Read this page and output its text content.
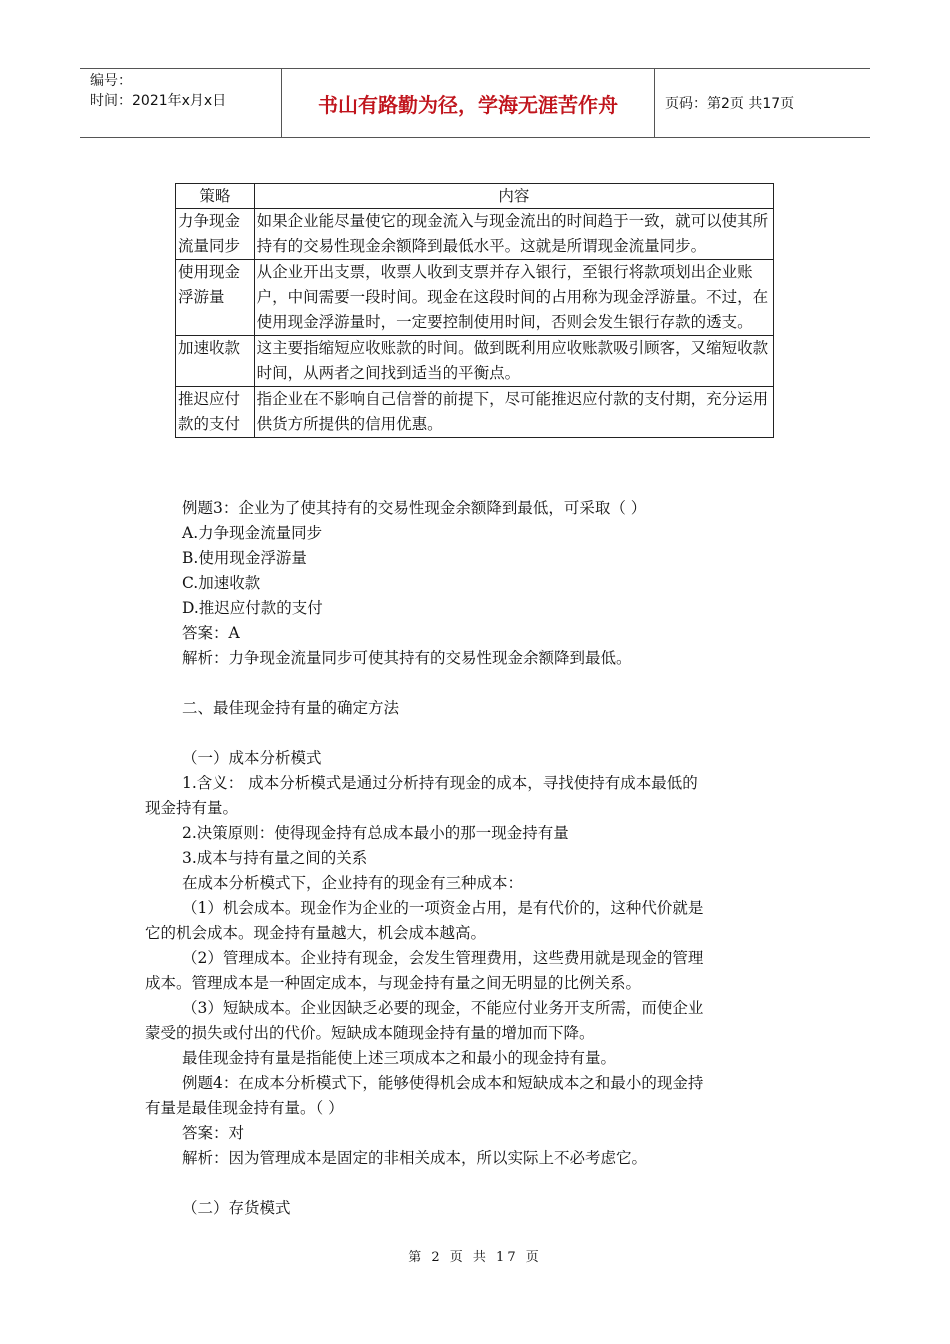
编号：
时间：2021年x月x日	书山有路勤为径，学海无涯苦作舟	页码：第2页 共17页
策略	内容
力争现金流量同步	如果企业能尽量使它的现金流入与现金流出的时间趋于一致，就可以使其所持有的交易性现金余额降到最低水平。这就是所谓现金流量同步。
使用现金浮游量	从企业开出支票，收票人收到支票并存入银行，至银行将款项划出企业账户，中间需要一段时间。现金在这段时间的占用称为现金浮游量。不过，在使用现金浮游量时，一定要控制使用时间，否则会发生银行存款的透支。
加速收款	这主要指缩短应收账款的时间。做到既利用应收账款吸引顾客，又缩短收款时间，从两者之间找到适当的平衡点。
推迟应付款的支付	指企业在不影响自己信誉的前提下，尽可能推迟应付款的支付期，充分运用供货方所提供的信用优惠。

例题3：企业为了使其持有的交易性现金余额降到最低，可采取（ ）

A.力争现金流量同步

B.使用现金浮游量

C.加速收款

D.推迟应付款的支付

答案：A

解析：力争现金流量同步可使其持有的交易性现金余额降到最低。

二、最佳现金持有量的确定方法

（一）成本分析模式

1.含义： 成本分析模式是通过分析持有现金的成本，寻找使持有成本最低的

现金持有量。

2.决策原则：使得现金持有总成本最小的那一现金持有量

3.成本与持有量之间的关系

在成本分析模式下，企业持有的现金有三种成本：

（1）机会成本。现金作为企业的一项资金占用，是有代价的，这种代价就是

它的机会成本。现金持有量越大，机会成本越高。

（2）管理成本。企业持有现金，会发生管理费用，这些费用就是现金的管理

成本。管理成本是一种固定成本，与现金持有量之间无明显的比例关系。

（3）短缺成本。企业因缺乏必要的现金，不能应付业务开支所需，而使企业

蒙受的损失或付出的代价。短缺成本随现金持有量的增加而下降。

最佳现金持有量是指能使上述三项成本之和最小的现金持有量。

例题4：在成本分析模式下，能够使得机会成本和短缺成本之和最小的现金持

有量是最佳现金持有量。（ ）

答案：对

解析：因为管理成本是固定的非相关成本，所以实际上不必考虑它。

（二）存货模式

第 2 页 共 17 页
